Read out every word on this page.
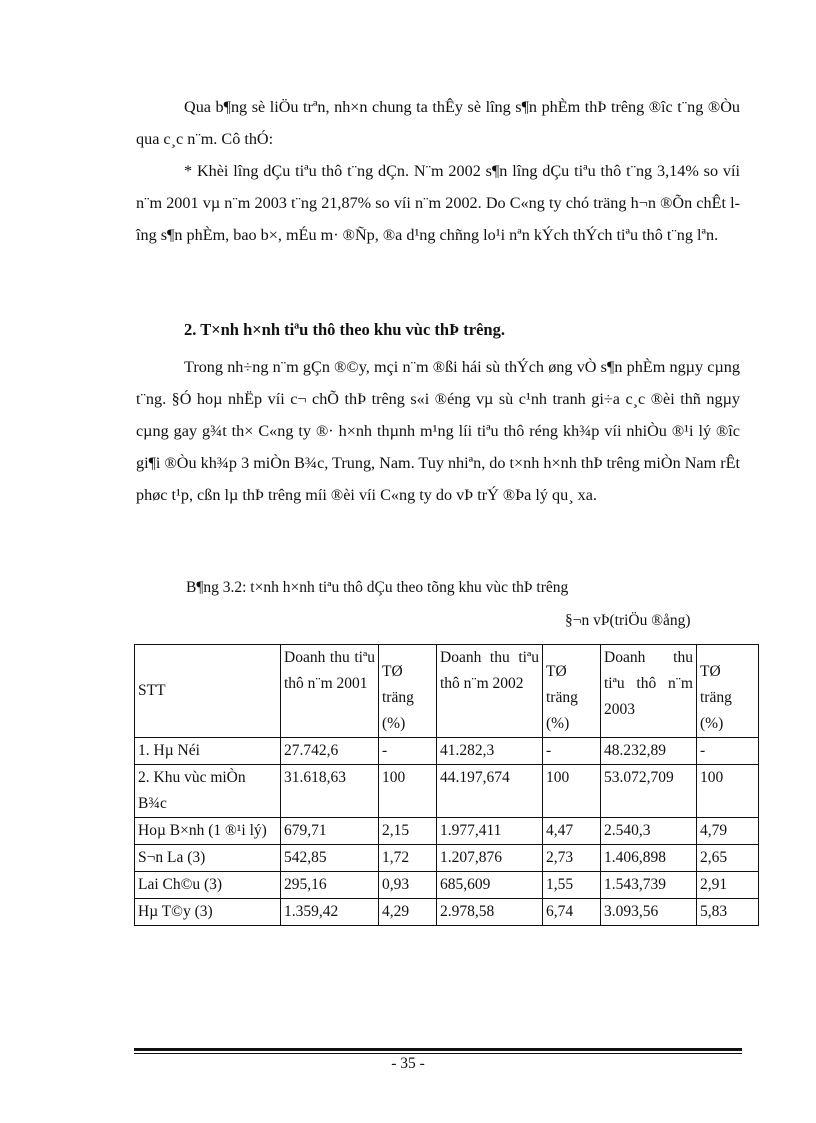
Qua b¶ng sè liÖu trªn, nh×n chung ta thÊy sè lîng s¶n phÈm thÞ trêng ®îc t¨ng ®Òu qua c¸c n¨m. Cô thÓ:

* Khèi lîng dÇu tiªu thô t¨ng dÇn. N¨m 2002 s¶n lîng dÇu tiªu thô t¨ng 3,14% so víi n¨m 2001 vµ n¨m 2003 t¨ng 21,87% so víi n¨m 2002. Do C«ng ty chó träng h¬n ®Õn chÊt lîng s¶n phÈm, bao b×, mÉu m· ®Ñp, ®a d¹ng chñng lo¹i nªn kÝch thÝch tiªu thô t¨ng lªn.

2. T×nh h×nh tiªu thô theo khu vùc thÞ trêng.

Trong nh÷ng n¨m gÇn ®©y, mçi n¨m ®ßi hái sù thÝch øng vÒ s¶n phÈm ngµy cµng t¨ng. §Ó hoµ nhËp víi c¬ chÕ thÞ trêng s«i ®éng vµ sù c¹nh tranh gi÷a c¸c ®èi thñ ngµy cµng gay g¾t th× C«ng ty ®· h×nh thµnh m¹ng líi tiªu thô réng kh¾p víi nhiÒu ®¹i lý ®îc gi¶i ®Òu kh¾p 3 miÒn B¾c, Trung, Nam. Tuy nhiªn, do t×nh h×nh thÞ trêng miÒn Nam rÊt phøc t¹p, cßn lµ thÞ trêng míi ®èi víi C«ng ty do vÞ trÝ ®Þa lý qu¸ xa.

B¶ng 3.2: t×nh h×nh tiªu thô dÇu theo tõng khu vùc thÞ trêng

§¬n vÞ(triÖu ®ång)

STT	Doanh thu tiªu thô n¨m 2001	TØ träng (%)	Doanh thu tiªu thô n¨m 2002	TØ träng (%)	Doanh thu tiªu thô n¨m 2003	TØ träng (%)
1. Hµ Néi	27.742,6	-	41.282,3	-	48.232,89	-
2. Khu vùc miÒn B¾c	31.618,63	100	44.197,674	100	53.072,709	100
Hoµ B×nh (1 ®¹i lý)	679,71	2,15	1.977,411	4,47	2.540,3	4,79
S¬n La (3)	542,85	1,72	1.207,876	2,73	1.406,898	2,65
Lai Ch©u (3)	295,16	0,93	685,609	1,55	1.543,739	2,91
Hµ T©y (3)	1.359,42	4,29	2.978,58	6,74	3.093,56	5,83

- 35 -
